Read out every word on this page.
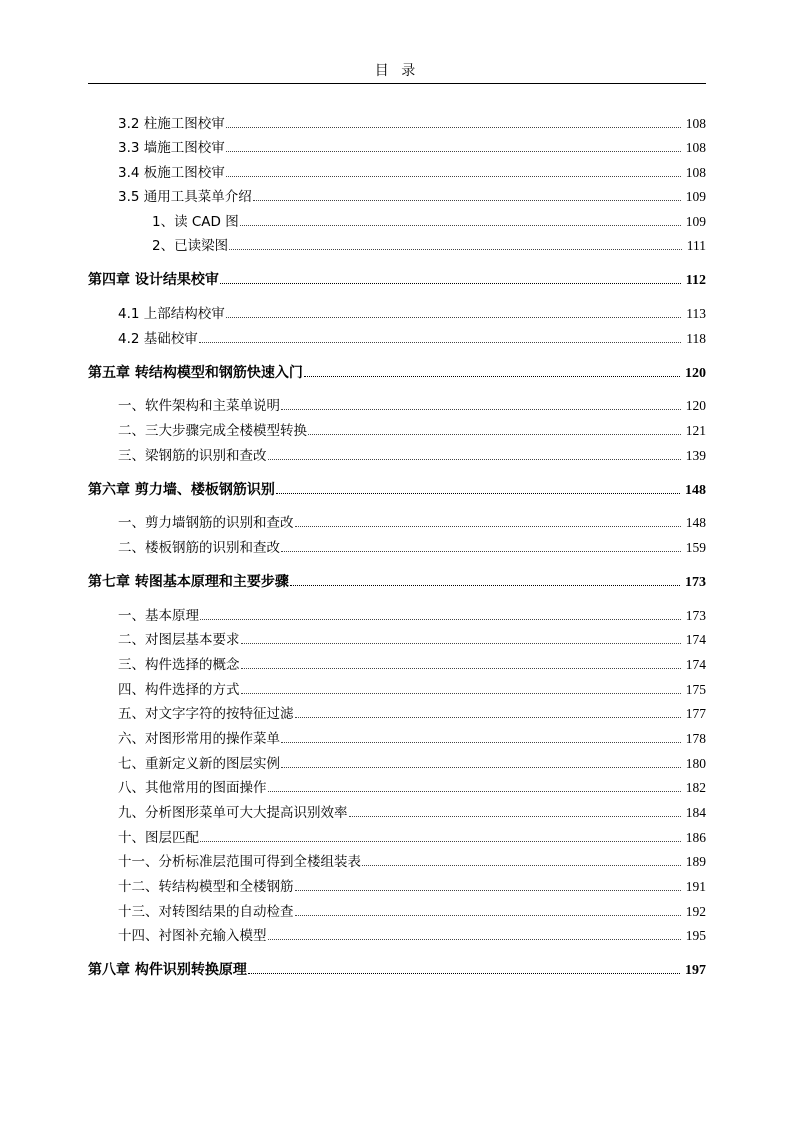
目 录
3.2 柱施工图校审	108
3.3 墙施工图校审	108
3.4 板施工图校审	108
3.5 通用工具菜单介绍	109
1、读 CAD 图	109
2、已读梁图	111
第四章 设计结果校审	112
4.1 上部结构校审	113
4.2 基础校审	118
第五章 转结构模型和钢筋快速入门	120
一、软件架构和主菜单说明	120
二、三大步骤完成全楼模型转换	121
三、梁钢筋的识别和查改	139
第六章 剪力墙、楼板钢筋识别	148
一、剪力墙钢筋的识别和查改	148
二、楼板钢筋的识别和查改	159
第七章 转图基本原理和主要步骤	173
一、基本原理	173
二、对图层基本要求	174
三、构件选择的概念	174
四、构件选择的方式	175
五、对文字字符的按特征过滤	177
六、对图形常用的操作菜单	178
七、重新定义新的图层实例	180
八、其他常用的图面操作	182
九、分析图形菜单可大大提高识别效率	184
十、图层匹配	186
十一、分析标准层范围可得到全楼组装表	189
十二、转结构模型和全楼钢筋	191
十三、对转图结果的自动检查	192
十四、衬图补充输入模型	195
第八章 构件识别转换原理	197
